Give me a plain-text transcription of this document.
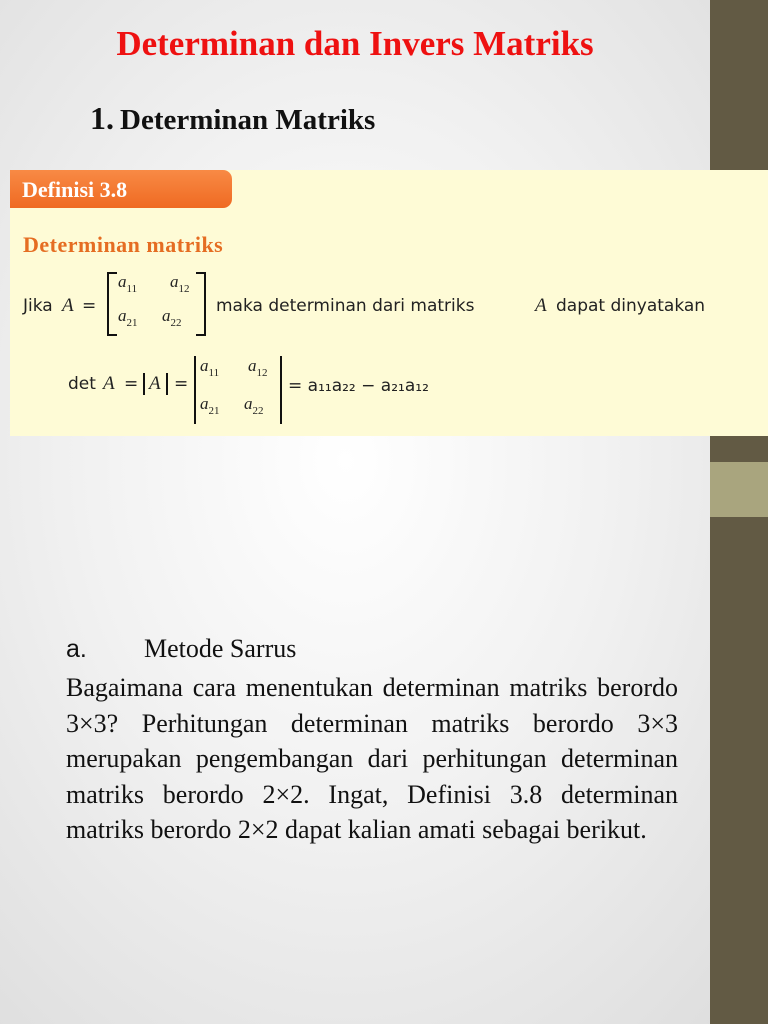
Determinan dan Invers Matriks
1. Determinan Matriks
Definisi 3.8
Determinan matriks
Jika A =
$a_{11}$ $a_{12}$
$a_{21}$ $a_{22}$
maka determinan dari matriks	A dapat dinyatakan
det A = A =
$a_{11}$ $a_{12}$
$a_{21}$ $a_{22}$
= a₁₁a₂₂ − a₂₁a₁₂
a. Metode Sarrus

Bagaimana cara menentukan determinan matriks berordo 3×3? Perhitungan determinan matriks berordo 3×3 merupakan pengembangan dari perhitungan determinan matriks berordo 2×2. Ingat, Definisi 3.8 determinan matriks berordo 2×2 dapat kalian amati sebagai berikut.
